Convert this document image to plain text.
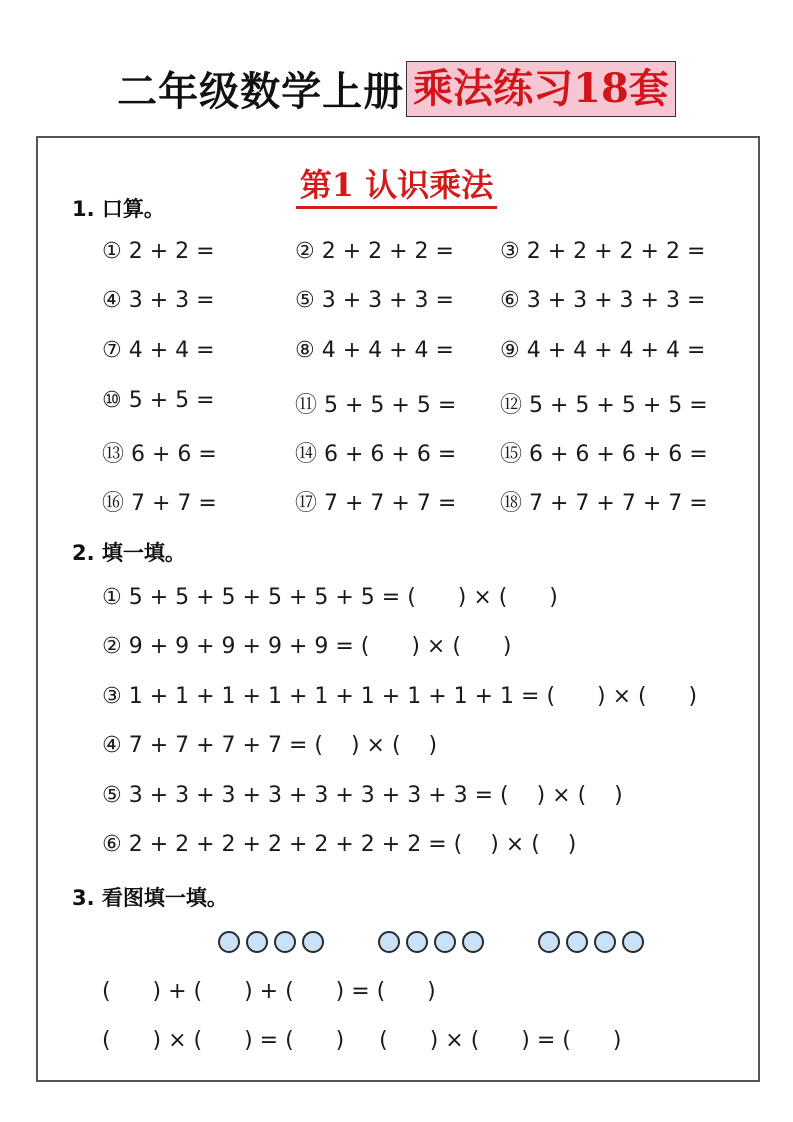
二年级数学上册 乘法练习18套
第1 认识乘法
1. 口算。
① 2 + 2 =	② 2 + 2 + 2 = ③ 2 + 2 + 2 + 2 =
④ 3 + 3 =	⑤ 3 + 3 + 3 = ⑥ 3 + 3 + 3 + 3 =
⑦ 4 + 4 =	⑧ 4 + 4 + 4 = ⑨ 4 + 4 + 4 + 4 =
⑩ 5 + 5 =	⑪ 5 + 5 + 5 = ⑫ 5 + 5 + 5 + 5 =
⑬ 6 + 6 =	⑭ 6 + 6 + 6 = ⑮ 6 + 6 + 6 + 6 =
⑯ 7 + 7 =	⑰ 7 + 7 + 7 = ⑱ 7 + 7 + 7 + 7 =
2. 填一填。
① 5 + 5 + 5 + 5 + 5 + 5 = (      ) × (      )
② 9 + 9 + 9 + 9 + 9 = (      ) × (      )
③ 1 + 1 + 1 + 1 + 1 + 1 + 1 + 1 + 1 = (      ) × (      )
④ 7 + 7 + 7 + 7 = (    ) × (    )
⑤ 3 + 3 + 3 + 3 + 3 + 3 + 3 + 3 = (    ) × (    )
⑥ 2 + 2 + 2 + 2 + 2 + 2 + 2 = (    ) × (    )
3. 看图填一填。
(      ) + (      ) + (      ) = (      )
(      ) × (      ) = (      )     (      ) × (      ) = (      )
